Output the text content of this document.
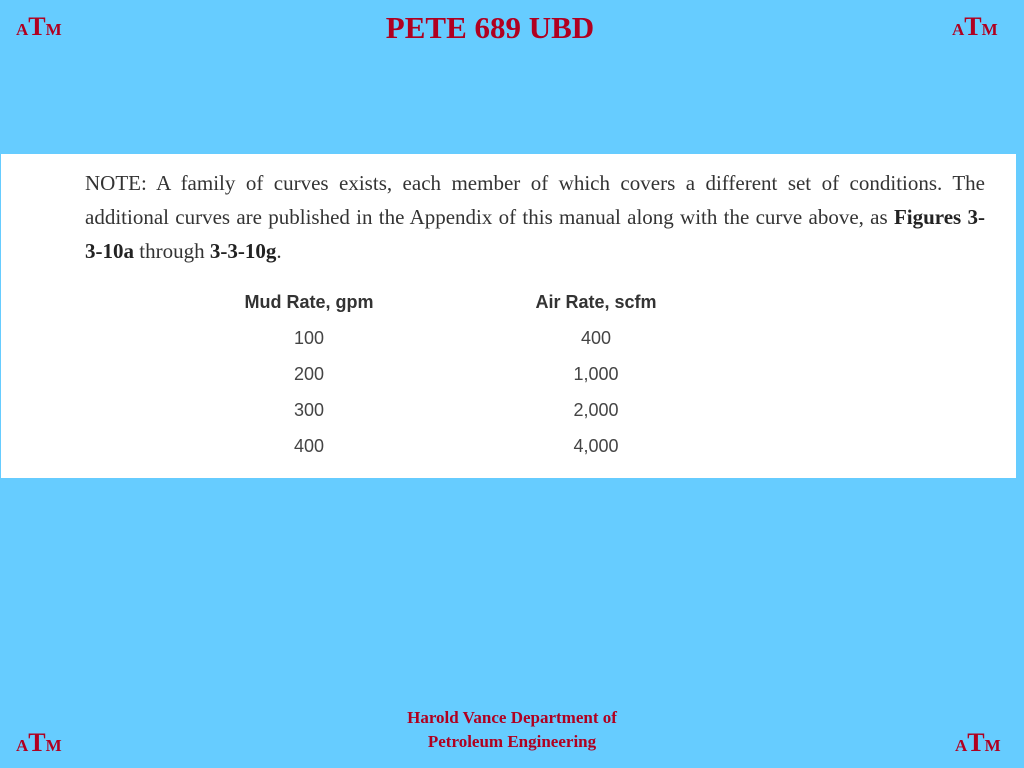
ATM	ATM
PETE 689 UBD
NOTE: A family of curves exists, each member of which covers a different set of conditions. The additional curves are published in the Appendix of this manual along with the curve above, as Figures 3-3-10a through 3-3-10g.
Mud Rate, gpm
100
200
300
400
Air Rate, scfm
400
1,000
2,000
4,000
Harold Vance Department of
Petroleum Engineering
ATM	ATM
